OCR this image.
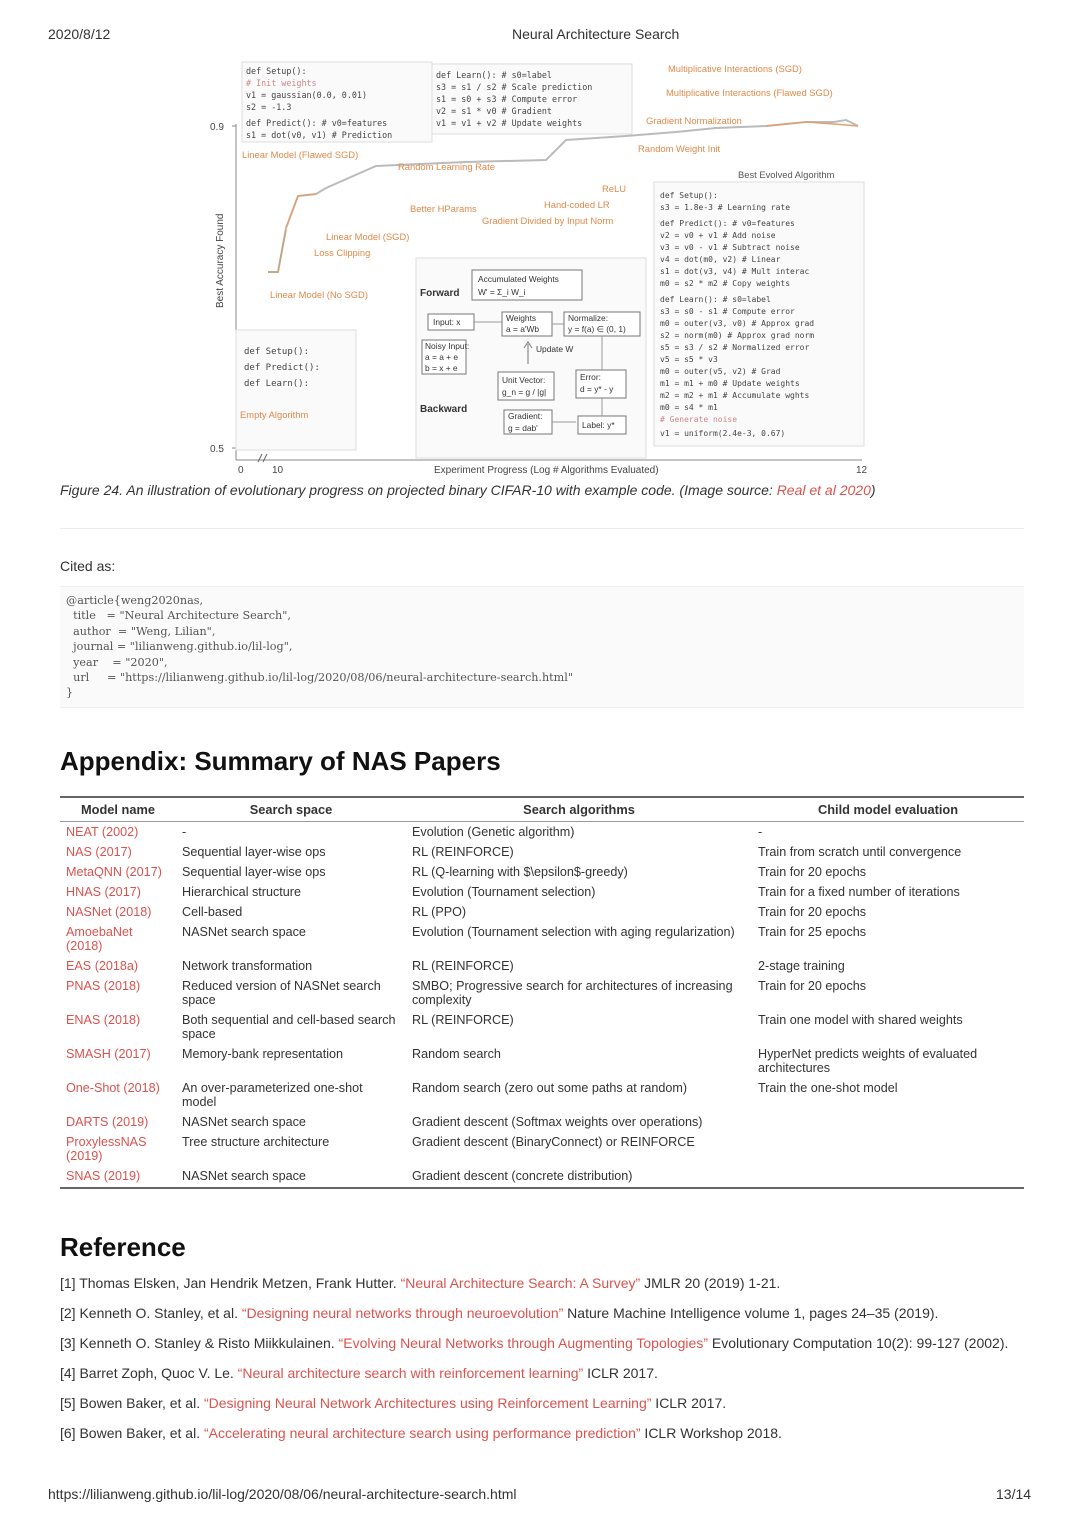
2020/8/12	Neural Architecture Search
0.9
0.5
0	10	12
Best Accuracy Found
Experiment Progress (Log # Algorithms Evaluated)
def Setup():
# Init weights
v1 = gaussian(0.0, 0.01)
s2 = -1.3
def Predict(): # v0=features
s1 = dot(v0, v1) # Prediction
def Learn(): # s0=label
s3 = s1 / s2 # Scale prediction
s1 = s0 + s3 # Compute error
v2 = s1 * v0 # Gradient
v1 = v1 + v2 # Update weights
def Setup():
def Predict():
def Learn():
def Setup():
s3 = 1.8e-3 # Learning rate
def Predict(): # v0=features
v2 = v0 + v1 # Add noise
v3 = v0 - v1 # Subtract noise
v4 = dot(m0, v2) # Linear
s1 = dot(v3, v4) # Mult interac
m0 = s2 * m2 # Copy weights
def Learn(): # s0=label
s3 = s0 - s1 # Compute error
m0 = outer(v3, v0) # Approx grad
s2 = norm(m0) # Approx grad norm
s5 = s3 / s2 # Normalized error
v5 = s5 * v3
m0 = outer(v5, v2) # Grad
m1 = m1 + m0 # Update weights
m2 = m2 + m1 # Accumulate wghts
m0 = s4 * m1
# Generate noise
v1 = uniform(2.4e-3, 0.67)
Multiplicative Interactions (SGD)
Multiplicative Interactions (Flawed SGD)
Gradient Normalization
Random Weight Init
Linear Model (Flawed SGD)
Random Learning Rate
ReLU
Better HParams	Hand-coded LR
Gradient Divided by Input Norm
Linear Model (SGD)
Loss Clipping
Linear Model (No SGD)
Empty Algorithm
Best Evolved Algorithm
Forward
Backward
Accumulated Weights
W' = Σ_i W_i
Input: x	Weights
a = a'Wb
Normalize:
y = f(a) ∈ (0, 1)
Noisy Input:
a = a + e
b = x + e
Update W
Unit Vector:
g_n = g / |g|
Error:
d = y* - y
Gradient:
g = dab'	Label: y*
Figure 24. An illustration of evolutionary progress on projected binary CIFAR-10 with example code. (Image source: Real et al 2020)
Cited as:
@article{weng2020nas,
title   = "Neural Architecture Search",
author  = "Weng, Lilian",
journal = "lilianweng.github.io/lil-log",
year    = "2020",
url     = "https://lilianweng.github.io/lil-log/2020/08/06/neural-architecture-search.html"
}
Appendix: Summary of NAS Papers
Model name	Search space	Search algorithms	Child model evaluation
NEAT (2002)	-	Evolution (Genetic algorithm)	-
NAS (2017)	Sequential layer-wise ops	RL (REINFORCE)	Train from scratch until convergence
MetaQNN (2017)	Sequential layer-wise ops	RL (Q-learning with $\epsilon$-greedy)	Train for 20 epochs
HNAS (2017)	Hierarchical structure	Evolution (Tournament selection)	Train for a fixed number of iterations
NASNet (2018)	Cell-based	RL (PPO)	Train for 20 epochs
AmoebaNet (2018)	NASNet search space	Evolution (Tournament selection with aging regularization)	Train for 25 epochs
EAS (2018a)	Network transformation	RL (REINFORCE)	2-stage training
PNAS (2018)	Reduced version of NASNet search space	SMBO; Progressive search for architectures of increasing complexity	Train for 20 epochs
ENAS (2018)	Both sequential and cell-based search space	RL (REINFORCE)	Train one model with shared weights
SMASH (2017)	Memory-bank representation	Random search	HyperNet predicts weights of evaluated architectures
One-Shot (2018)	An over-parameterized one-shot model	Random search (zero out some paths at random)	Train the one-shot model
DARTS (2019)	NASNet search space	Gradient descent (Softmax weights over operations)	
ProxylessNAS (2019)	Tree structure architecture	Gradient descent (BinaryConnect) or REINFORCE	
SNAS (2019)	NASNet search space	Gradient descent (concrete distribution)	
Reference

[1] Thomas Elsken, Jan Hendrik Metzen, Frank Hutter. “Neural Architecture Search: A Survey” JMLR 20 (2019) 1-21.

[2] Kenneth O. Stanley, et al. “Designing neural networks through neuroevolution” Nature Machine Intelligence volume 1, pages 24–35 (2019).

[3] Kenneth O. Stanley & Risto Miikkulainen. “Evolving Neural Networks through Augmenting Topologies” Evolutionary Computation 10(2): 99-127 (2002).

[4] Barret Zoph, Quoc V. Le. “Neural architecture search with reinforcement learning” ICLR 2017.

[5] Bowen Baker, et al. “Designing Neural Network Architectures using Reinforcement Learning” ICLR 2017.

[6] Bowen Baker, et al. “Accelerating neural architecture search using performance prediction” ICLR Workshop 2018.

https://lilianweng.github.io/lil-log/2020/08/06/neural-architecture-search.html	13/14
